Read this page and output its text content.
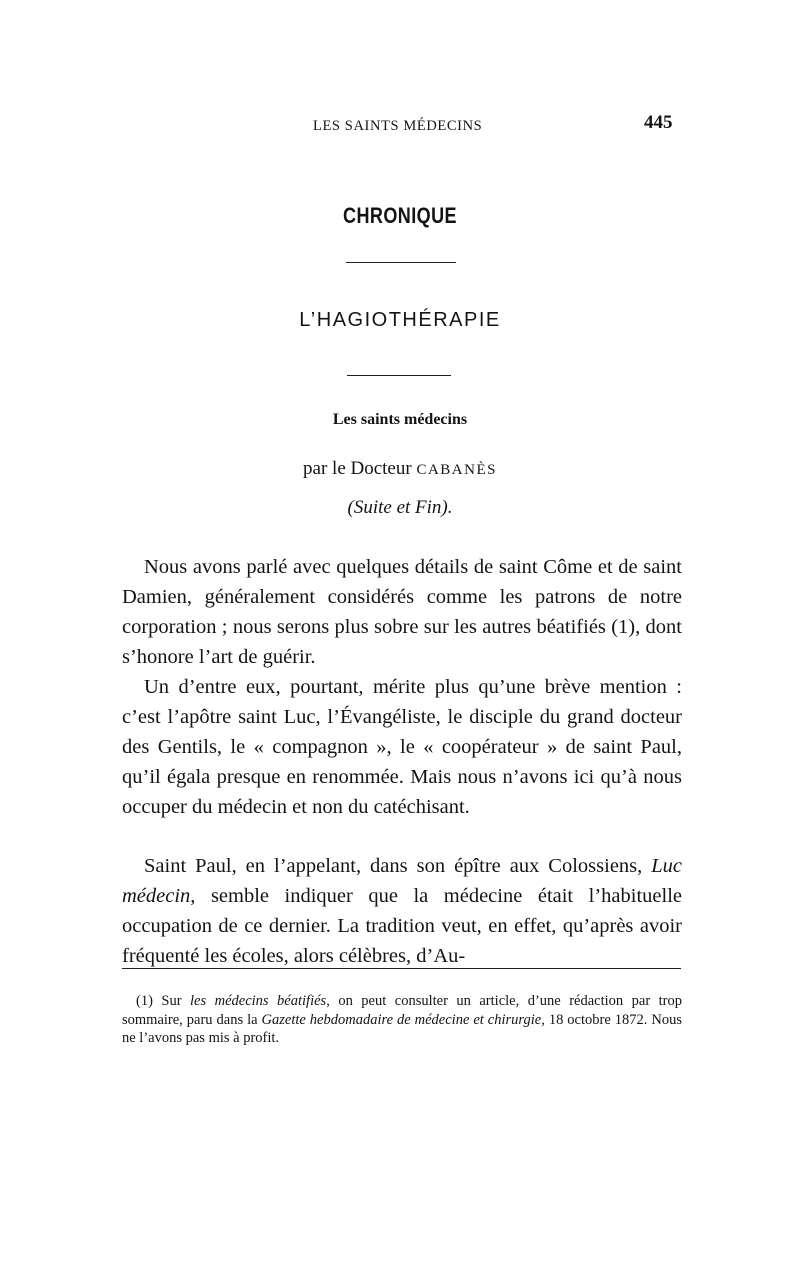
LES SAINTS MÉDECINS	445
CHRONIQUE
L’HAGIOTHÉRAPIE
Les saints médecins
par le Docteur CABANÈS
(Suite et Fin).

Nous avons parlé avec quelques détails de saint Côme et de saint Damien, généralement considérés comme les patrons de notre corporation ; nous serons plus sobre sur les autres béatifiés (1), dont s’honore l’art de guérir.

Un d’entre eux, pourtant, mérite plus qu’une brève mention : c’est l’apôtre saint Luc, l’Évangéliste, le disciple du grand docteur des Gentils, le « compagnon », le « coopérateur » de saint Paul, qu’il égala presque en renommée. Mais nous n’avons ici qu’à nous occuper du médecin et non du catéchisant.

Saint Paul, en l’appelant, dans son épître aux Colossiens, Luc médecin, semble indiquer que la médecine était l’habituelle occupation de ce dernier. La tradition veut, en effet, qu’après avoir fréquenté les écoles, alors célèbres, d’Au-

(1) Sur les médecins béatifiés, on peut consulter un article, d’une rédaction par trop sommaire, paru dans la Gazette hebdomadaire de médecine et chirurgie, 18 octobre 1872. Nous ne l’avons pas mis à profit.
